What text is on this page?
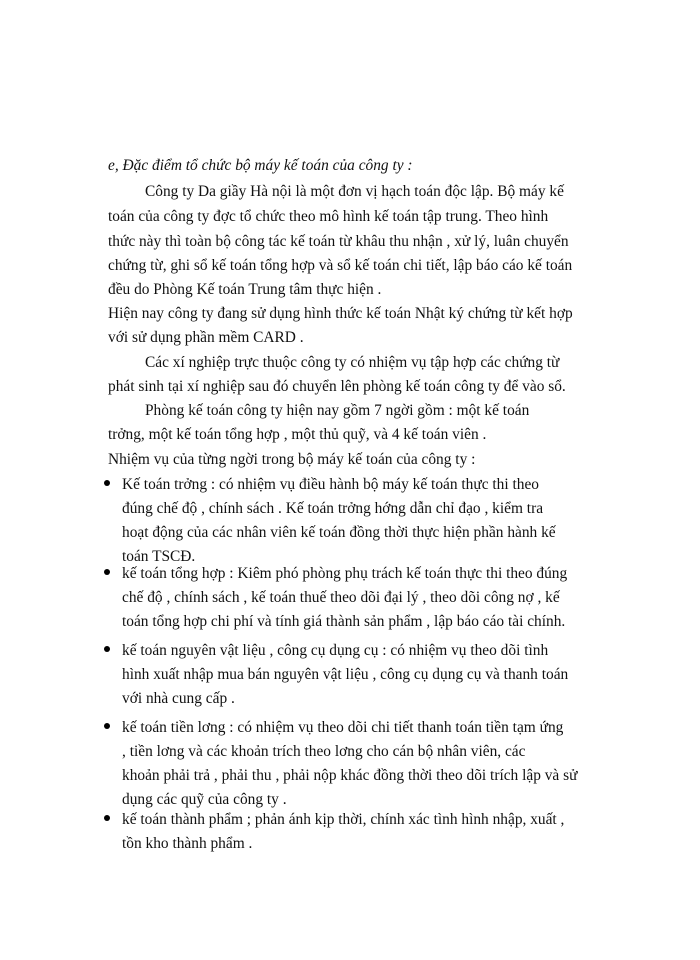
e, Đặc điểm tổ chức bộ máy kế toán của công ty :

Công ty Da giầy Hà nội là một đơn vị hạch toán độc lập. Bộ máy kế

toán của công ty đợc tổ chức theo mô hình kế toán tập trung. Theo hình

thức này thì toàn bộ công tác kế toán từ khâu thu nhận , xử lý, luân chuyển

chứng từ, ghi sổ kế toán tổng hợp và sổ kế toán chi tiết, lập báo cáo kế toán

đều do Phòng Kế toán Trung tâm thực hiện .

Hiện nay công ty đang sử dụng hình thức kế toán Nhật ký chứng từ kết hợp

với sử dụng phần mềm CARD .

Các xí nghiệp trực thuộc công ty có nhiệm vụ tập hợp các chứng từ

phát sinh tại xí nghiệp sau đó chuyển lên phòng kế toán công ty để vào sổ.

Phòng kế toán công ty hiện nay gồm 7 ngời gồm : một kế toán

trởng, một kế toán tổng hợp , một thủ quỹ, và 4 kế toán viên .

Nhiệm vụ của từng ngời trong bộ máy kế toán của công ty :

Kế toán trởng : có nhiệm vụ điều hành bộ máy kế toán thực thi theo

đúng chế độ , chính sách . Kế toán trởng hớng dẫn chỉ đạo , kiểm tra

hoạt động của các nhân viên kế toán đồng thời thực hiện phần hành kế

toán TSCĐ.

kế toán tổng hợp : Kiêm phó phòng phụ trách kế toán thực thi theo đúng

chế độ , chính sách , kế toán thuế theo dõi đại lý , theo dõi công nợ , kế

toán tổng hợp chi phí và tính giá thành sản phẩm , lập báo cáo tài chính.

kế toán nguyên vật liệu , công cụ dụng cụ : có nhiệm vụ theo dõi tình

hình xuất nhập mua bán nguyên vật liệu , công cụ dụng cụ và thanh toán

với nhà cung cấp .

kế toán tiền lơng : có nhiệm vụ theo dõi chi tiết thanh toán tiền tạm ứng

, tiền lơng và các khoản trích theo lơng cho cán bộ nhân viên, các

khoản phải trả , phải thu , phải nộp khác đồng thời theo dõi trích lập và sử

dụng các quỹ của công ty .

kế toán thành phẩm ; phản ánh kịp thời, chính xác tình hình nhập, xuất ,

tồn kho thành phẩm .
